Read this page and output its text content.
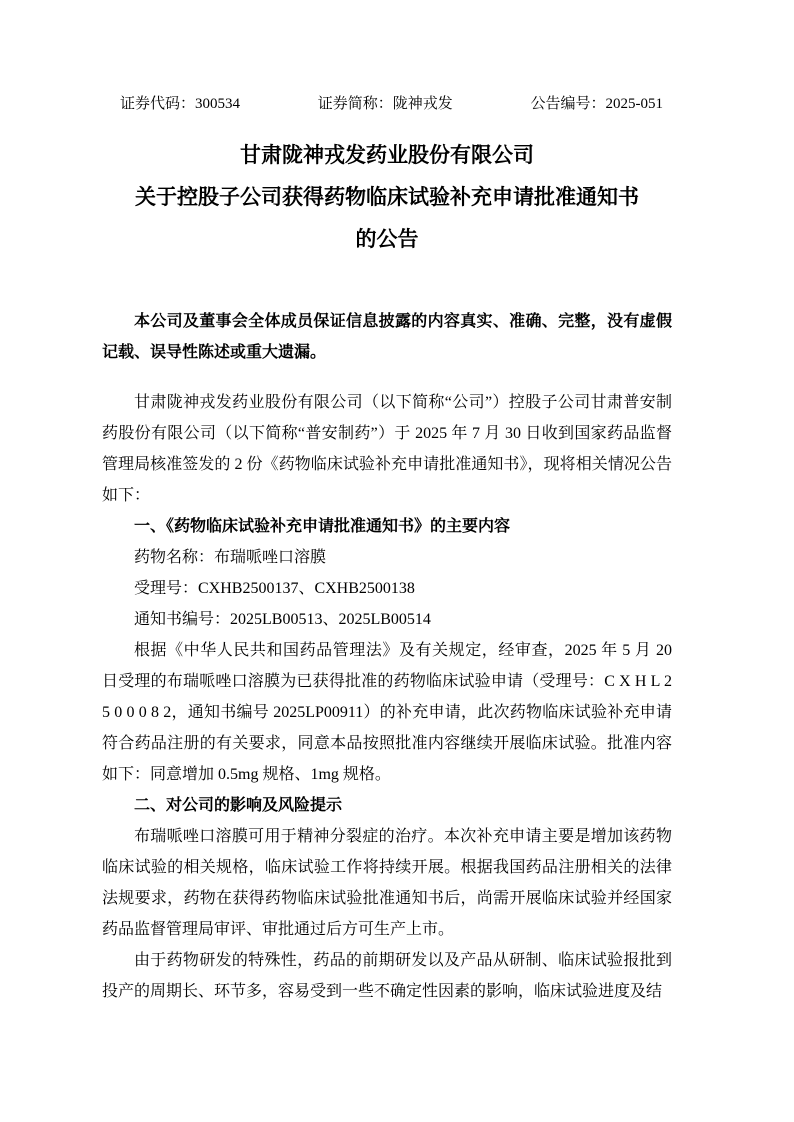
证券代码：300534	证券简称：陇神戎发	公告编号：2025-051
甘肃陇神戎发药业股份有限公司
关于控股子公司获得药物临床试验补充申请批准通知书
的公告

本公司及董事会全体成员保证信息披露的内容真实、准确、完整，没有虚假记载、误导性陈述或重大遗漏。

甘肃陇神戎发药业股份有限公司（以下简称“公司”）控股子公司甘肃普安制药股份有限公司（以下简称“普安制药”）于 2025 年 7 月 30 日收到国家药品监督管理局核准签发的 2 份《药物临床试验补充申请批准通知书》，现将相关情况公告如下：

一、《药物临床试验补充申请批准通知书》的主要内容
药物名称：布瑞哌唑口溶膜
受理号：CXHB2500137、CXHB2500138
通知书编号：2025LB00513、2025LB00514

根据《中华人民共和国药品管理法》及有关规定，经审查，2025 年 5 月 20 日受理的布瑞哌唑口溶膜为已获得批准的药物临床试验申请（受理号：C X H L 2 5 0 0 0 8 2，通知书编号 2025LP00911）的补充申请，此次药物临床试验补充申请符合药品注册的有关要求，同意本品按照批准内容继续开展临床试验。批准内容如下：同意增加 0.5mg 规格、1mg 规格。

二、对公司的影响及风险提示

布瑞哌唑口溶膜可用于精神分裂症的治疗。本次补充申请主要是增加该药物临床试验的相关规格，临床试验工作将持续开展。根据我国药品注册相关的法律法规要求，药物在获得药物临床试验批准通知书后，尚需开展临床试验并经国家药品监督管理局审评、审批通过后方可生产上市。

由于药物研发的特殊性，药品的前期研发以及产品从研制、临床试验报批到投产的周期长、环节多，容易受到一些不确定性因素的影响，临床试验进度及结
